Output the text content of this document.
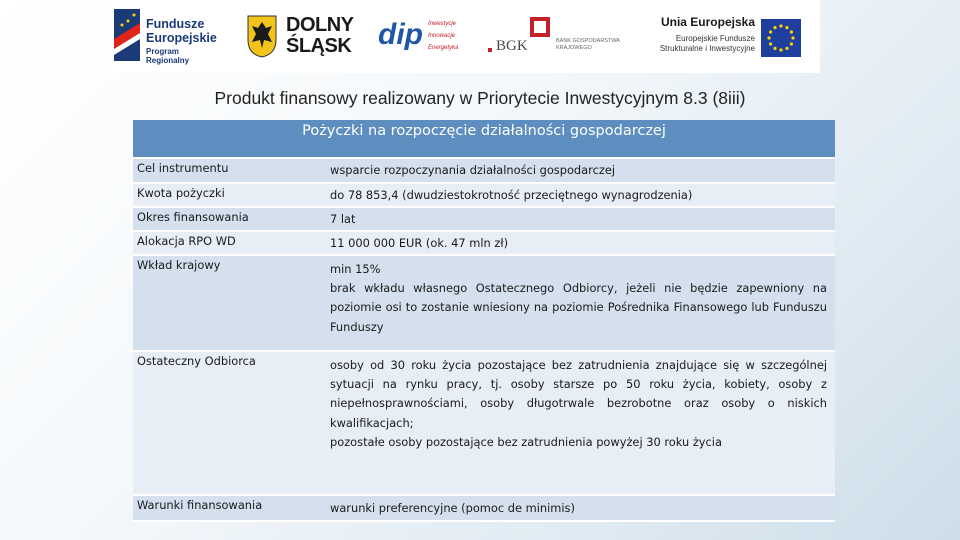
Fundusze
Europejskie
Program Regionalny
DOLNY
ŚLĄSK dip Inwestycje
Innowacje
Energetyka	BGK	BANK GOSPODARSTWA KRAJOWEGO
Unia Europejska
Europejskie Fundusze
Strukturalne i Inwestycyjne
Produkt finansowy realizowany w Priorytecie Inwestycyjnym 8.3 (8iii)
Pożyczki na rozpoczęcie działalności gospodarczej
Cel instrumentu	wsparcie rozpoczynania działalności gospodarczej
Kwota pożyczki	do 78 853,4 (dwudziestokrotność przeciętnego wynagrodzenia)
Okres finansowania	7 lat
Alokacja RPO WD	11 000 000 EUR (ok. 47 mln zł)
Wkład krajowy	min 15%
brak wkładu własnego Ostatecznego Odbiorcy, jeżeli nie będzie zapewniony na poziomie osi to zostanie wniesiony na poziomie Pośrednika Finansowego lub Funduszu Funduszy
Ostateczny Odbiorca	osoby od 30 roku życia pozostające bez zatrudnienia znajdujące się w szczególnej sytuacji na rynku pracy, tj. osoby starsze po 50 roku życia, kobiety, osoby z niepełnosprawnościami, osoby długotrwale bezrobotne oraz osoby o niskich kwalifikacjach;
pozostałe osoby pozostające bez zatrudnienia powyżej 30 roku życia
Warunki finansowania	warunki preferencyjne (pomoc de minimis)
